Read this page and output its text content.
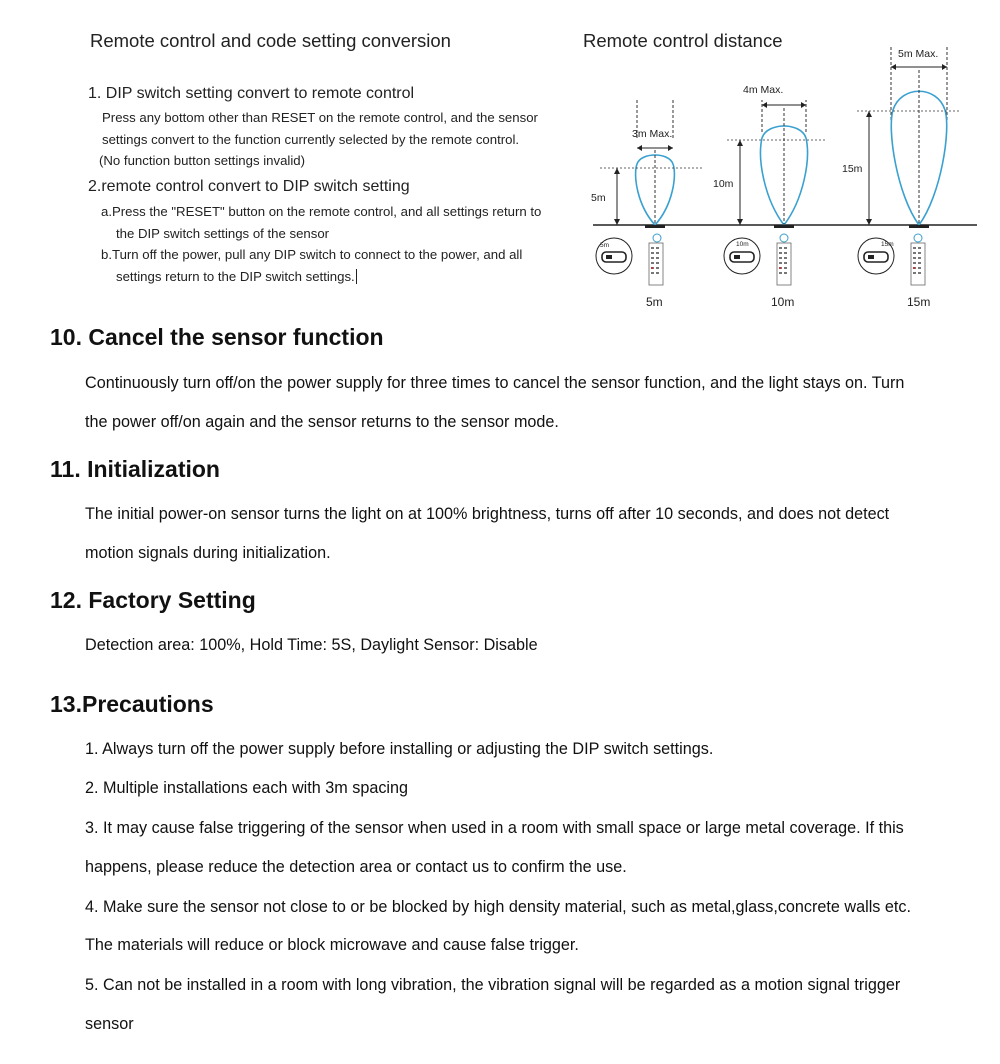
Remote control and code setting conversion
1. DIP switch setting convert to remote control
Press any bottom other than RESET on the remote control, and the sensor
settings convert to the function currently selected by the remote control.
(No function button settings invalid)
2.remote control convert to DIP switch setting
a.Press the "RESET" button on the remote control, and all settings return to
the DIP switch settings of the sensor
b.Turn off the power, pull any DIP switch to connect to the power, and all
settings return to the DIP switch settings.
Remote control distance
3m Max.
5m
5m
5m
4m Max.
10m
10m
10m
5m Max.
15m
15m
15m
10. Cancel the sensor function
Continuously turn off/on the power supply for three times to cancel the sensor function, and the light stays on. Turn
the power off/on again and the sensor returns to the sensor mode.
11. Initialization
The initial power-on sensor turns the light on at 100% brightness, turns off after 10 seconds, and does not detect
motion signals during initialization.
12. Factory Setting
Detection area: 100%, Hold Time: 5S, Daylight Sensor: Disable
13.Precautions
1. Always turn off the power supply before installing or adjusting the DIP switch settings.
2. Multiple installations each with 3m spacing
3. It may cause false triggering of the sensor when used in a room with small space or large metal coverage. If this
happens, please reduce the detection area or contact us to confirm the use.
4. Make sure the sensor not close to or be blocked by high density material, such as metal,glass,concrete walls etc.
The materials will reduce or block microwave and cause false trigger.
5. Can not be installed in a room with long vibration, the vibration signal will be regarded as a motion signal trigger
sensor
